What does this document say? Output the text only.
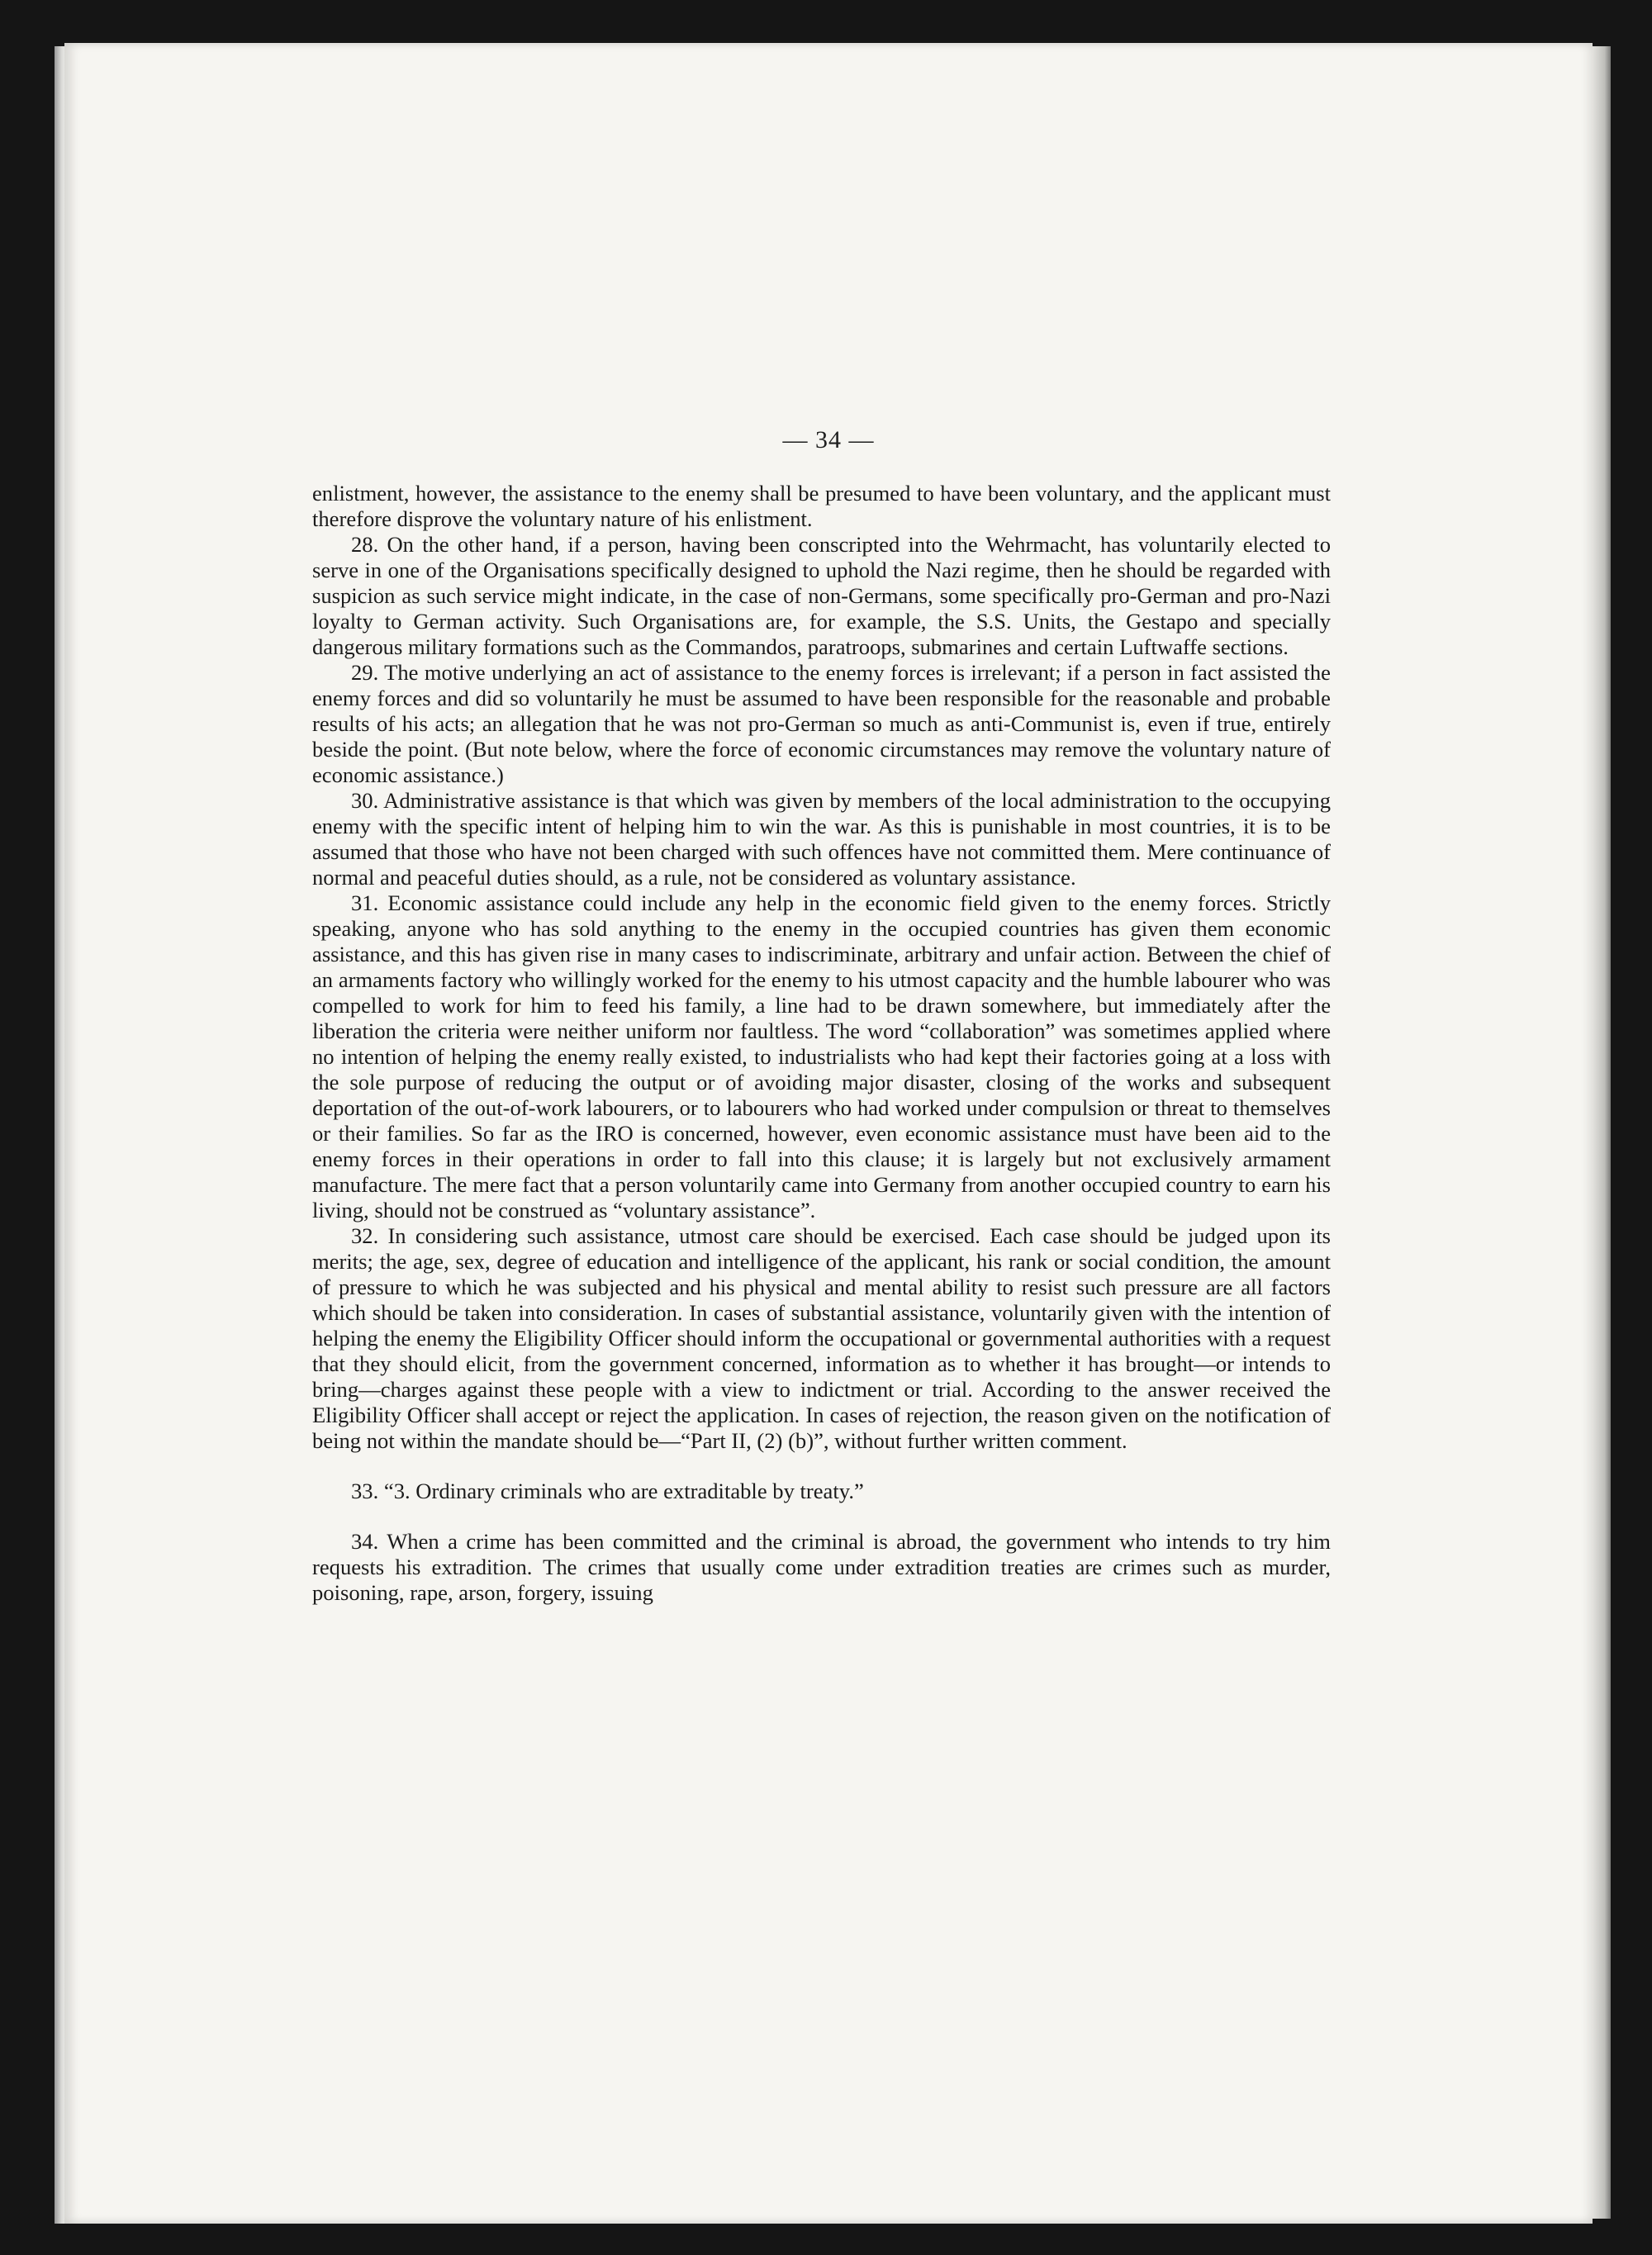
— 34 —

enlistment, however, the assistance to the enemy shall be presumed to have been voluntary, and the applicant must therefore disprove the voluntary nature of his enlistment.

28. On the other hand, if a person, having been conscripted into the Wehrmacht, has voluntarily elected to serve in one of the Organisations specifically designed to uphold the Nazi regime, then he should be regarded with suspicion as such service might indicate, in the case of non-Germans, some specifically pro-German and pro-Nazi loyalty to German activity. Such Organisations are, for example, the S.S. Units, the Gestapo and specially dangerous military formations such as the Commandos, paratroops, submarines and certain Luftwaffe sections.

29. The motive underlying an act of assistance to the enemy forces is irrelevant; if a person in fact assisted the enemy forces and did so voluntarily he must be assumed to have been responsible for the reasonable and probable results of his acts; an allegation that he was not pro-German so much as anti-Communist is, even if true, entirely beside the point. (But note below, where the force of economic circumstances may remove the voluntary nature of economic assistance.)

30. Administrative assistance is that which was given by members of the local administration to the occupying enemy with the specific intent of helping him to win the war. As this is punishable in most countries, it is to be assumed that those who have not been charged with such offences have not committed them. Mere continuance of normal and peaceful duties should, as a rule, not be considered as voluntary assistance.

31. Economic assistance could include any help in the economic field given to the enemy forces. Strictly speaking, anyone who has sold anything to the enemy in the occupied countries has given them economic assistance, and this has given rise in many cases to indiscriminate, arbitrary and unfair action. Between the chief of an armaments factory who willingly worked for the enemy to his utmost capacity and the humble labourer who was compelled to work for him to feed his family, a line had to be drawn somewhere, but immediately after the liberation the criteria were neither uniform nor faultless. The word “collaboration” was sometimes applied where no intention of helping the enemy really existed, to industrialists who had kept their factories going at a loss with the sole purpose of reducing the output or of avoiding major disaster, closing of the works and subsequent deportation of the out-of-work labourers, or to labourers who had worked under compulsion or threat to themselves or their families. So far as the IRO is concerned, however, even economic assistance must have been aid to the enemy forces in their operations in order to fall into this clause; it is largely but not exclusively armament manufacture. The mere fact that a person voluntarily came into Germany from another occupied country to earn his living, should not be construed as “voluntary assistance”.

32. In considering such assistance, utmost care should be exercised. Each case should be judged upon its merits; the age, sex, degree of education and intelligence of the applicant, his rank or social condition, the amount of pressure to which he was subjected and his physical and mental ability to resist such pressure are all factors which should be taken into consideration. In cases of substantial assistance, voluntarily given with the intention of helping the enemy the Eligibility Officer should inform the occupational or governmental authorities with a request that they should elicit, from the government concerned, information as to whether it has brought—or intends to bring—charges against these people with a view to indictment or trial. According to the answer received the Eligibility Officer shall accept or reject the application. In cases of rejection, the reason given on the notification of being not within the mandate should be—“Part II, (2) (b)”, without further written comment.

33. “3. Ordinary criminals who are extraditable by treaty.”

34. When a crime has been committed and the criminal is abroad, the government who intends to try him requests his extradition. The crimes that usually come under extradition treaties are crimes such as murder, poisoning, rape, arson, forgery, issuing
